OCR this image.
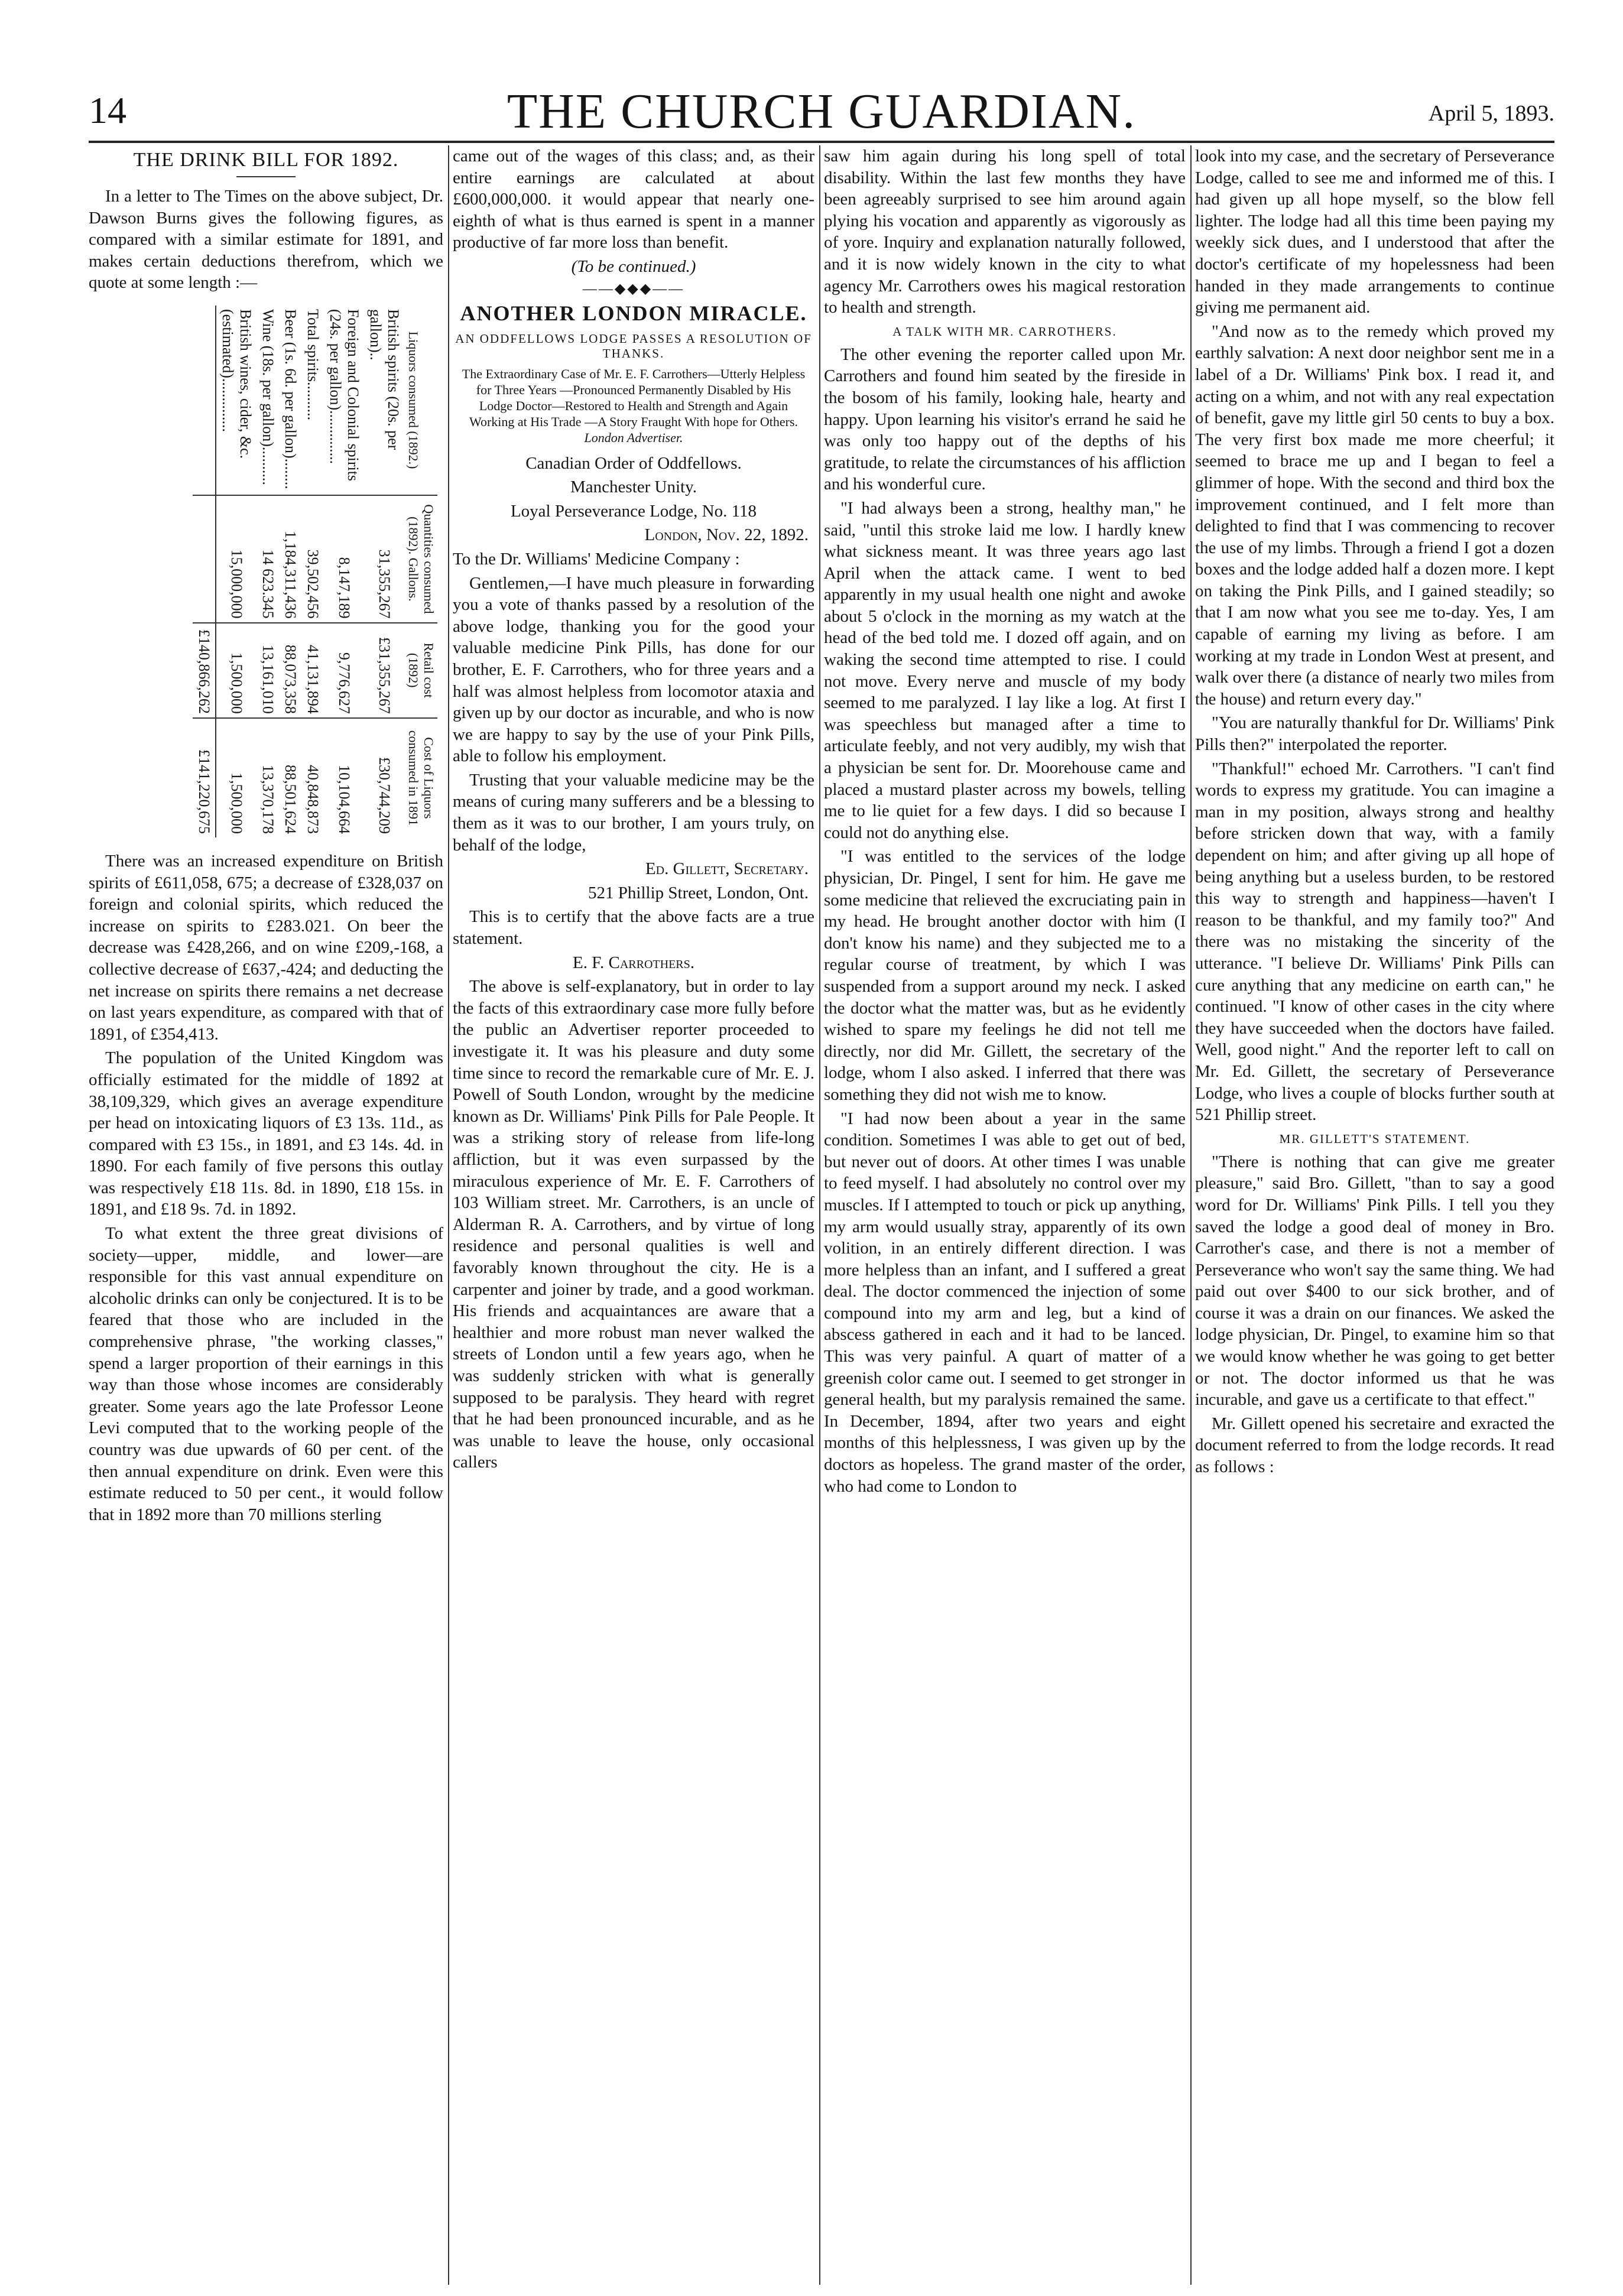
14	THE CHURCH GUARDIAN.	April 5, 1893.
THE DRINK BILL FOR 1892.

In a letter to The Times on the above subject, Dr. Dawson Burns gives the following figures, as compared with a similar estimate for 1891, and makes certain deductions therefrom, which we quote at some length :—

Liquors consumed (1892.)	Quantities consumed (1892). Gallons.	Retail cost (1892)	Cost of Liquors consumed in 1891
British spirits (20s. per gallon)..	31,355,267	£31,355,267	£30,744,209
Foreign and Colonial spirits (24s. per gallon)..............	8,147,189	9,776,627	10,104,664
Total spirits..........	39,502,456	41,131,894	40,848,873
Beer (1s. 6d. per gallon)........	1,184,311,436	88,073,358	88,501,624
Wine (18s. per gallon)..........	14 623.345	13,161,010	13,370,178
British wines, cider, &c. (estimated)..............	15,000,000	1,500,000	1,500,000
		£140,866,262	£141,220,675

There was an increased expenditure on British spirits of £611,058, 675; a decrease of £328,037 on foreign and colonial spirits, which reduced the increase on spirits to £283.021. On beer the decrease was £428,266, and on wine £209,-168, a collective decrease of £637,-424; and deducting the net increase on spirits there remains a net decrease on last years expenditure, as compared with that of 1891, of £354,413.

The population of the United Kingdom was officially estimated for the middle of 1892 at 38,109,329, which gives an average expenditure per head on intoxicating liquors of £3 13s. 11d., as compared with £3 15s., in 1891, and £3 14s. 4d. in 1890. For each family of five persons this outlay was respectively £18 11s. 8d. in 1890, £18 15s. in 1891, and £18 9s. 7d. in 1892.

To what extent the three great divisions of society—upper, middle, and lower—are responsible for this vast annual expenditure on alcoholic drinks can only be conjectured. It is to be feared that those who are included in the comprehensive phrase, "the working classes," spend a larger proportion of their earnings in this way than those whose incomes are considerably greater. Some years ago the late Professor Leone Levi computed that to the working people of the country was due upwards of 60 per cent. of the then annual expenditure on drink. Even were this estimate reduced to 50 per cent., it would follow that in 1892 more than 70 millions sterling

came out of the wages of this class; and, as their entire earnings are calculated at about £600,000,000. it would appear that nearly one-eighth of what is thus earned is spent in a manner productive of far more loss than benefit.

(To be continued.)

——◆◆◆——
ANOTHER LONDON MIRACLE.
AN ODDFELLOWS LODGE PASSES A RESOLUTION OF THANKS.
The Extraordinary Case of Mr. E. F. Carrothers—Utterly Helpless for Three Years —Pronounced Permanently Disabled by His Lodge Doctor—Restored to Health and Strength and Again Working at His Trade —A Story Fraught With hope for Others.
London Advertiser.

Canadian Order of Oddfellows.

Manchester Unity.

Loyal Perseverance Lodge, No. 118

London, Nov. 22, 1892.

To the Dr. Williams' Medicine Company :

Gentlemen,—I have much pleasure in forwarding you a vote of thanks passed by a resolution of the above lodge, thanking you for the good your valuable medicine Pink Pills, has done for our brother, E. F. Carrothers, who for three years and a half was almost helpless from locomotor ataxia and given up by our doctor as incurable, and who is now we are happy to say by the use of your Pink Pills, able to follow his employment.

Trusting that your valuable medicine may be the means of curing many sufferers and be a blessing to them as it was to our brother, I am yours truly, on behalf of the lodge,

Ed. Gillett, Secretary.

521 Phillip Street, London, Ont.

This is to certify that the above facts are a true statement.

E. F. Carrothers.

The above is self-explanatory, but in order to lay the facts of this extraordinary case more fully before the public an Advertiser reporter proceeded to investigate it. It was his pleasure and duty some time since to record the remarkable cure of Mr. E. J. Powell of South London, wrought by the medicine known as Dr. Williams' Pink Pills for Pale People. It was a striking story of release from life-long affliction, but it was even surpassed by the miraculous experience of Mr. E. F. Carrothers of 103 William street. Mr. Carrothers, is an uncle of Alderman R. A. Carrothers, and by virtue of long residence and personal qualities is well and favorably known throughout the city. He is a carpenter and joiner by trade, and a good workman. His friends and acquaintances are aware that a healthier and more robust man never walked the streets of London until a few years ago, when he was suddenly stricken with what is generally supposed to be paralysis. They heard with regret that he had been pronounced incurable, and as he was unable to leave the house, only occasional callers

saw him again during his long spell of total disability. Within the last few months they have been agreeably surprised to see him around again plying his vocation and apparently as vigorously as of yore. Inquiry and explanation naturally followed, and it is now widely known in the city to what agency Mr. Carrothers owes his magical restoration to health and strength.

A TALK WITH MR. CARROTHERS.

The other evening the reporter called upon Mr. Carrothers and found him seated by the fireside in the bosom of his family, looking hale, hearty and happy. Upon learning his visitor's errand he said he was only too happy out of the depths of his gratitude, to relate the circumstances of his affliction and his wonderful cure.

"I had always been a strong, healthy man," he said, "until this stroke laid me low. I hardly knew what sickness meant. It was three years ago last April when the attack came. I went to bed apparently in my usual health one night and awoke about 5 o'clock in the morning as my watch at the head of the bed told me. I dozed off again, and on waking the second time attempted to rise. I could not move. Every nerve and muscle of my body seemed to me paralyzed. I lay like a log. At first I was speechless but managed after a time to articulate feebly, and not very audibly, my wish that a physician be sent for. Dr. Moorehouse came and placed a mustard plaster across my bowels, telling me to lie quiet for a few days. I did so because I could not do anything else.

"I was entitled to the services of the lodge physician, Dr. Pingel, I sent for him. He gave me some medicine that relieved the excruciating pain in my head. He brought another doctor with him (I don't know his name) and they subjected me to a regular course of treatment, by which I was suspended from a support around my neck. I asked the doctor what the matter was, but as he evidently wished to spare my feelings he did not tell me directly, nor did Mr. Gillett, the secretary of the lodge, whom I also asked. I inferred that there was something they did not wish me to know.

"I had now been about a year in the same condition. Sometimes I was able to get out of bed, but never out of doors. At other times I was unable to feed myself. I had absolutely no control over my muscles. If I attempted to touch or pick up anything, my arm would usually stray, apparently of its own volition, in an entirely different direction. I was more helpless than an infant, and I suffered a great deal. The doctor commenced the injection of some compound into my arm and leg, but a kind of abscess gathered in each and it had to be lanced. This was very painful. A quart of matter of a greenish color came out. I seemed to get stronger in general health, but my paralysis remained the same. In December, 1894, after two years and eight months of this helplessness, I was given up by the doctors as hopeless. The grand master of the order, who had come to London to

look into my case, and the secretary of Perseverance Lodge, called to see me and informed me of this. I had given up all hope myself, so the blow fell lighter. The lodge had all this time been paying my weekly sick dues, and I understood that after the doctor's certificate of my hopelessness had been handed in they made arrangements to continue giving me permanent aid.

"And now as to the remedy which proved my earthly salvation: A next door neighbor sent me in a label of a Dr. Williams' Pink box. I read it, and acting on a whim, and not with any real expectation of benefit, gave my little girl 50 cents to buy a box. The very first box made me more cheerful; it seemed to brace me up and I began to feel a glimmer of hope. With the second and third box the improvement continued, and I felt more than delighted to find that I was commencing to recover the use of my limbs. Through a friend I got a dozen boxes and the lodge added half a dozen more. I kept on taking the Pink Pills, and I gained steadily; so that I am now what you see me to-day. Yes, I am capable of earning my living as before. I am working at my trade in London West at present, and walk over there (a distance of nearly two miles from the house) and return every day."

"You are naturally thankful for Dr. Williams' Pink Pills then?" interpolated the reporter.

"Thankful!" echoed Mr. Carrothers. "I can't find words to express my gratitude. You can imagine a man in my position, always strong and healthy before stricken down that way, with a family dependent on him; and after giving up all hope of being anything but a useless burden, to be restored this way to strength and happiness—haven't I reason to be thankful, and my family too?" And there was no mistaking the sincerity of the utterance. "I believe Dr. Williams' Pink Pills can cure anything that any medicine on earth can," he continued. "I know of other cases in the city where they have succeeded when the doctors have failed. Well, good night." And the reporter left to call on Mr. Ed. Gillett, the secretary of Perseverance Lodge, who lives a couple of blocks further south at 521 Phillip street.

MR. GILLETT'S STATEMENT.

"There is nothing that can give me greater pleasure," said Bro. Gillett, "than to say a good word for Dr. Williams' Pink Pills. I tell you they saved the lodge a good deal of money in Bro. Carrother's case, and there is not a member of Perseverance who won't say the same thing. We had paid out over $400 to our sick brother, and of course it was a drain on our finances. We asked the lodge physician, Dr. Pingel, to examine him so that we would know whether he was going to get better or not. The doctor informed us that he was incurable, and gave us a certificate to that effect."

Mr. Gillett opened his secretaire and exracted the document referred to from the lodge records. It read as follows :
